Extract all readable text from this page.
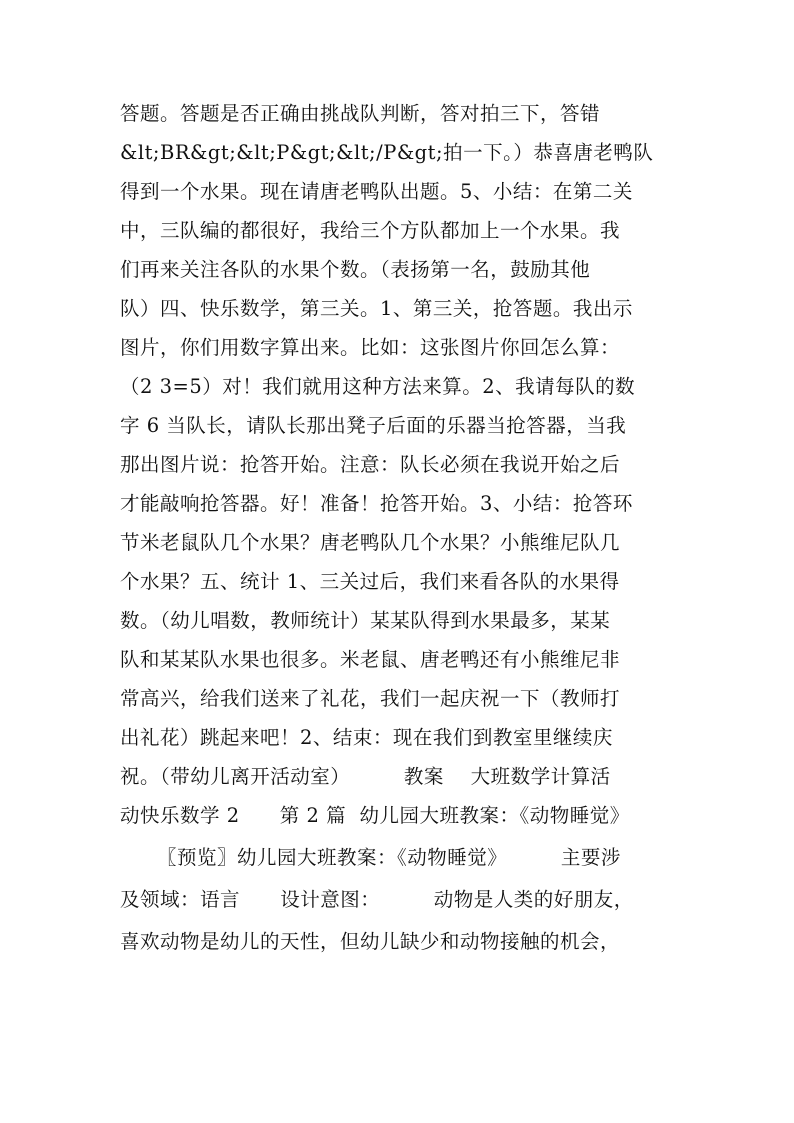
答题。答题是否正确由挑战队判断，答对拍三下，答错
&lt;BR&gt;&lt;P&gt;&lt;/P&gt;拍一下。）恭喜唐老鸭队
得到一个水果。现在请唐老鸭队出题。5、小结：在第二关
中，三队编的都很好，我给三个方队都加上一个水果。我
们再来关注各队的水果个数。（表扬第一名，鼓励其他
队）四、快乐数学，第三关。1、第三关，抢答题。我出示
图片，你们用数字算出来。比如：这张图片你回怎么算：
（2 3=5）对！我们就用这种方法来算。2、我请每队的数
字 6 当队长，请队长那出凳子后面的乐器当抢答器，当我
那出图片说：抢答开始。注意：队长必须在我说开始之后
才能敲响抢答器。好！准备！抢答开始。3、小结：抢答环
节米老鼠队几个水果？唐老鸭队几个水果？小熊维尼队几
个水果？五、统计 1、三关过后，我们来看各队的水果得
数。（幼儿唱数，教师统计）某某队得到水果最多，某某
队和某某队水果也很多。米老鼠、唐老鸭还有小熊维尼非
常高兴，给我们送来了礼花，我们一起庆祝一下（教师打
出礼花）跳起来吧！2、结束：现在我们到教室里继续庆
祝。（带幼儿离开活动室）        教案    大班数学计算活
动快乐数学 2      第 2 篇  幼儿园大班教案：《动物睡觉》
〖预览〗幼儿园大班教案：《动物睡觉》        主要涉
及领域：语言      设计意图：        动物是人类的好朋友，
喜欢动物是幼儿的天性，但幼儿缺少和动物接触的机会，
